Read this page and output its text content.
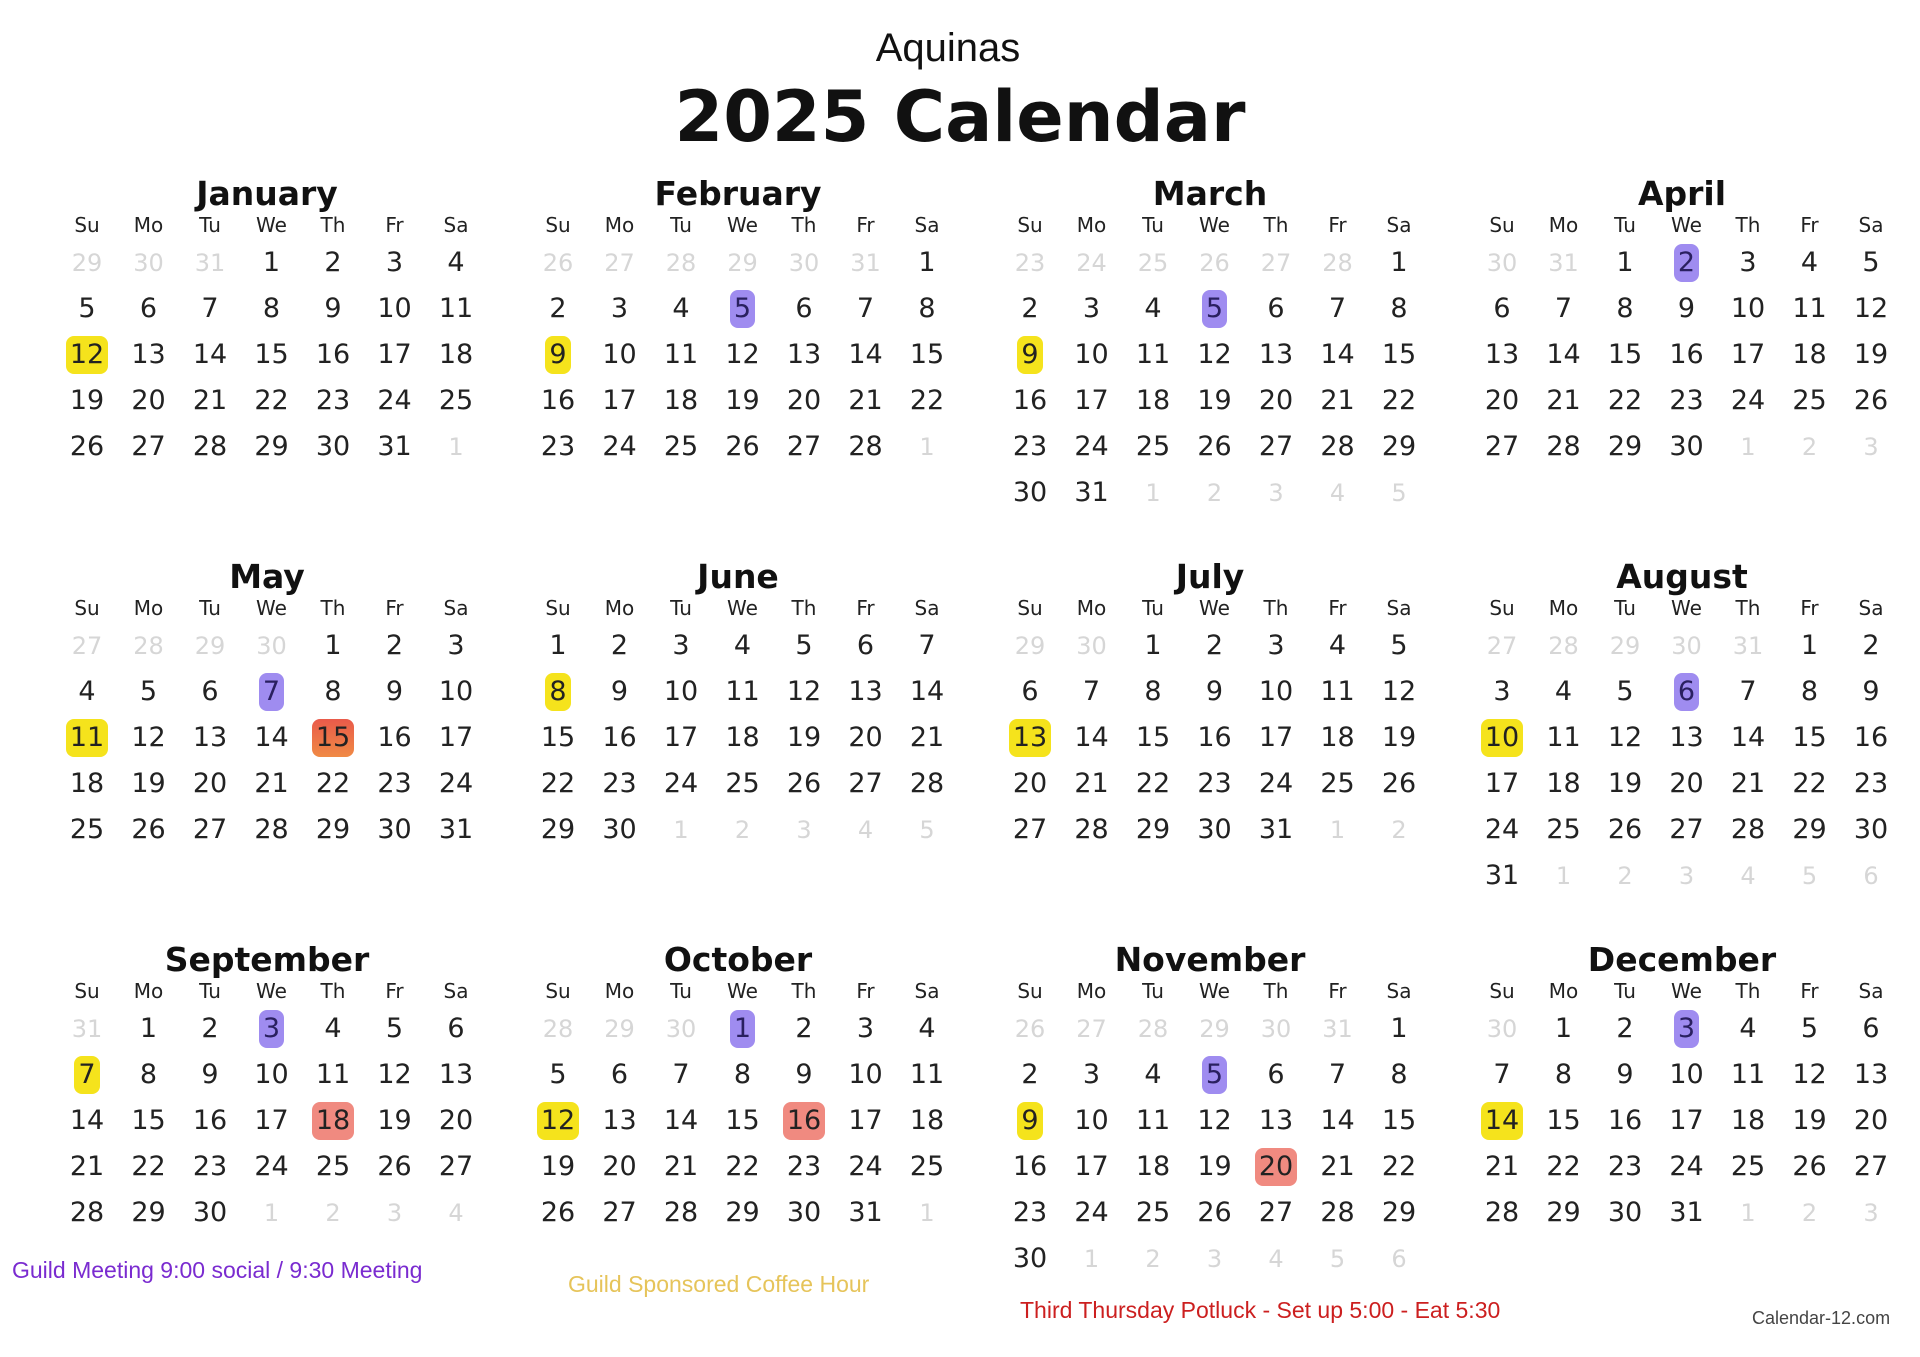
Aquinas
2025 Calendar
January
Su	Mo	Tu	We	Th	Fr	Sa
29	30	31	1	2	3	4
5	6	7	8	9	10	11
12	13	14	15	16	17	18
19	20	21	22	23	24	25
26	27	28	29	30	31	1
February
Su	Mo	Tu	We	Th	Fr	Sa
26	27	28	29	30	31	1
2	3	4	5	6	7	8
9	10	11	12	13	14	15
16	17	18	19	20	21	22
23	24	25	26	27	28	1
March
Su	Mo	Tu	We	Th	Fr	Sa
23	24	25	26	27	28	1
2	3	4	5	6	7	8
9	10	11	12	13	14	15
16	17	18	19	20	21	22
23	24	25	26	27	28	29
30	31	1	2	3	4	5
April
Su	Mo	Tu	We	Th	Fr	Sa
30	31	1	2	3	4	5
6	7	8	9	10	11	12
13	14	15	16	17	18	19
20	21	22	23	24	25	26
27	28	29	30	1	2	3
May
Su	Mo	Tu	We	Th	Fr	Sa
27	28	29	30	1	2	3
4	5	6	7	8	9	10
11	12	13	14	15	16	17
18	19	20	21	22	23	24
25	26	27	28	29	30	31
June
Su	Mo	Tu	We	Th	Fr	Sa
1	2	3	4	5	6	7
8	9	10	11	12	13	14
15	16	17	18	19	20	21
22	23	24	25	26	27	28
29	30	1	2	3	4	5
July
Su	Mo	Tu	We	Th	Fr	Sa
29	30	1	2	3	4	5
6	7	8	9	10	11	12
13	14	15	16	17	18	19
20	21	22	23	24	25	26
27	28	29	30	31	1	2
August
Su	Mo	Tu	We	Th	Fr	Sa
27	28	29	30	31	1	2
3	4	5	6	7	8	9
10	11	12	13	14	15	16
17	18	19	20	21	22	23
24	25	26	27	28	29	30
31	1	2	3	4	5	6
September
Su	Mo	Tu	We	Th	Fr	Sa
31	1	2	3	4	5	6
7	8	9	10	11	12	13
14	15	16	17	18	19	20
21	22	23	24	25	26	27
28	29	30	1	2	3	4
October
Su	Mo	Tu	We	Th	Fr	Sa
28	29	30	1	2	3	4
5	6	7	8	9	10	11
12	13	14	15	16	17	18
19	20	21	22	23	24	25
26	27	28	29	30	31	1
November
Su	Mo	Tu	We	Th	Fr	Sa
26	27	28	29	30	31	1
2	3	4	5	6	7	8
9	10	11	12	13	14	15
16	17	18	19	20	21	22
23	24	25	26	27	28	29
30	1	2	3	4	5	6
December
Su	Mo	Tu	We	Th	Fr	Sa
30	1	2	3	4	5	6
7	8	9	10	11	12	13
14	15	16	17	18	19	20
21	22	23	24	25	26	27
28	29	30	31	1	2	3
Guild Meeting 9:00 social / 9:30 Meeting
Guild Sponsored Coffee Hour
Third Thursday Potluck - Set up 5:00 - Eat 5:30	Calendar-12.com
